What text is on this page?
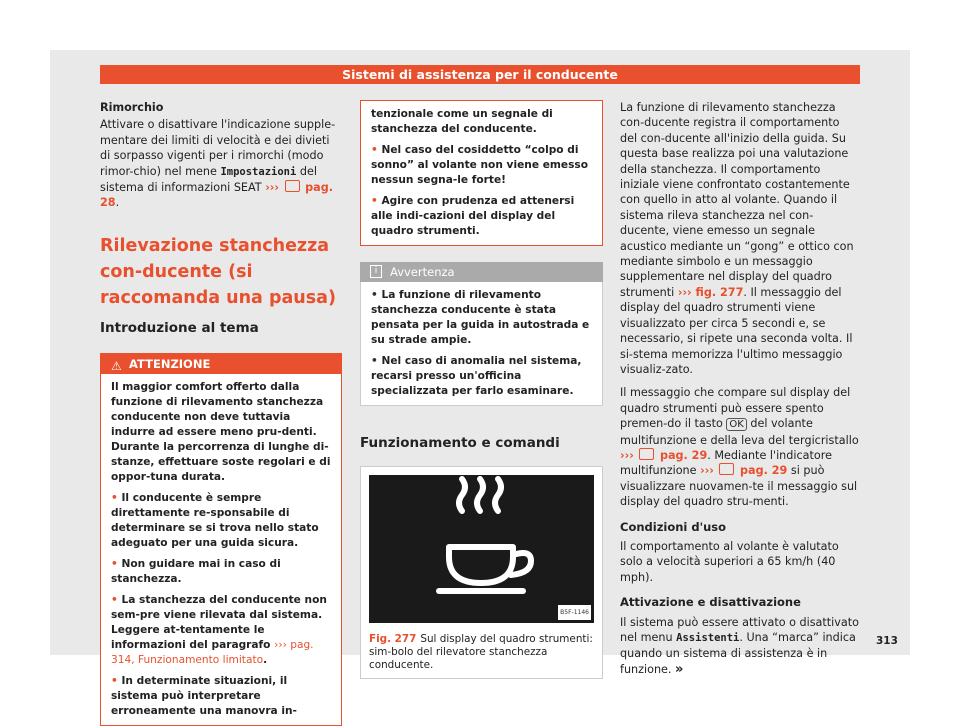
Sistemi di assistenza per il conducente

Rimorchio

Attivare o disattivare l'indicazione supple-mentare dei limiti di velocità e dei divieti di sorpasso vigenti per i rimorchi (modo rimor-chio) nel mene Impostazioni del sistema di informazioni SEAT ››› pag. 28.

Rilevazione stanchezza con-ducente (si raccomanda una pausa)
Introduzione al tema
⚠ ATTENZIONE

Il maggior comfort offerto dalla funzione di rilevamento stanchezza conducente non deve tuttavia indurre ad essere meno pru-denti. Durante la percorrenza di lunghe di-stanze, effettuare soste regolari e di oppor-tuna durata.

• Il conducente è sempre direttamente re-sponsabile di determinare se si trova nello stato adeguato per una guida sicura.

• Non guidare mai in caso di stanchezza.

• La stanchezza del conducente non sem-pre viene rilevata dal sistema. Leggere at-tentamente le informazioni del paragrafo ››› pag. 314, Funzionamento limitato.

• In determinate situazioni, il sistema può interpretare erroneamente una manovra in-

tenzionale come un segnale di stanchezza del conducente.

• Nel caso del cosiddetto “colpo di sonno” al volante non viene emesso nessun segna-le forte!

• Agire con prudenza ed attenersi alle indi-cazioni del display del quadro strumenti.

i	Avvertenza

• La funzione di rilevamento stanchezza conducente è stata pensata per la guida in autostrada e su strade ampie.

• Nel caso di anomalia nel sistema, recarsi presso un'officina specializzata per farlo esaminare.

Funzionamento e comandi
B5F-1146
Fig. 277 Sul display del quadro strumenti: sim-bolo del rilevatore stanchezza conducente.

La funzione di rilevamento stanchezza con-ducente registra il comportamento del con-ducente all'inizio della guida. Su questa base realizza poi una valutazione della stanchezza. Il comportamento iniziale viene confrontato costantemente con quello in atto al volante. Quando il sistema rileva stanchezza nel con-ducente, viene emesso un segnale acustico mediante un “gong” e ottico con mediante simbolo e un messaggio supplementare nel display del quadro strumenti ››› fig. 277. Il messaggio del display del quadro strumenti viene visualizzato per circa 5 secondi e, se necessario, si ripete una seconda volta. Il si-stema memorizza l'ultimo messaggio visualiz-zato.

Il messaggio che compare sul display del quadro strumenti può essere spento premen-do il tasto OK del volante multifunzione e della leva del tergicristallo ››› pag. 29. Mediante l'indicatore multifunzione ››› pag. 29 si può visualizzare nuovamen-te il messaggio sul display del quadro stru-menti.

Condizioni d'uso

Il comportamento al volante è valutato solo a velocità superiori a 65 km/h (40 mph).

Attivazione e disattivazione

Il sistema può essere attivato o disattivato nel menu Assistenti. Una “marca” indica quando un sistema di assistenza è in funzione. »

313
